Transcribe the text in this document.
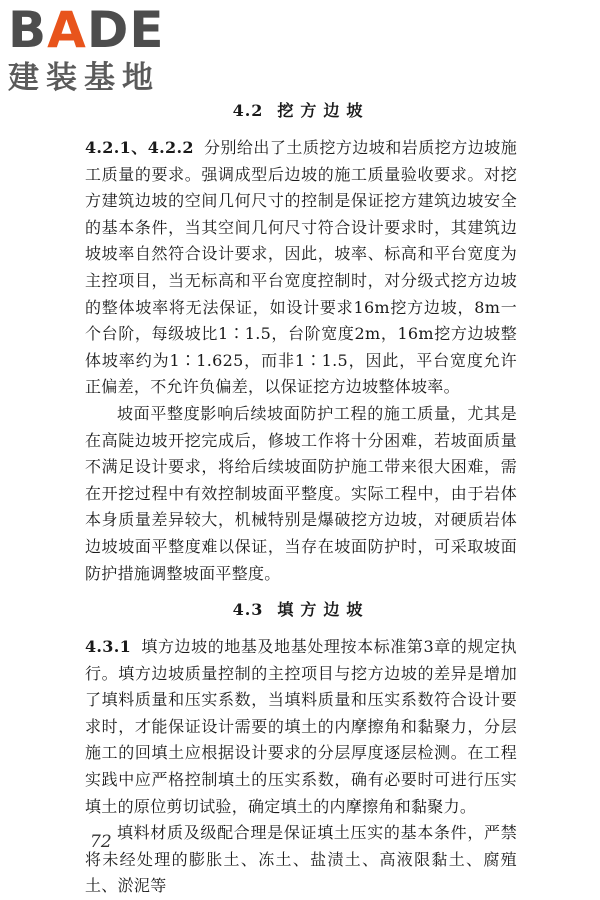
BADE
建装基地
4.2 挖方边坡

4.2.1、4.2.2 分别给出了土质挖方边坡和岩质挖方边坡施工质量的要求。强调成型后边坡的施工质量验收要求。对挖方建筑边坡的空间几何尺寸的控制是保证挖方建筑边坡安全的基本条件，当其空间几何尺寸符合设计要求时，其建筑边坡坡率自然符合设计要求，因此，坡率、标高和平台宽度为主控项目，当无标高和平台宽度控制时，对分级式挖方边坡的整体坡率将无法保证，如设计要求16m挖方边坡，8m一个台阶，每级坡比1∶1.5，台阶宽度2m，16m挖方边坡整体坡率约为1∶1.625，而非1∶1.5，因此，平台宽度允许正偏差，不允许负偏差，以保证挖方边坡整体坡率。

坡面平整度影响后续坡面防护工程的施工质量，尤其是在高陡边坡开挖完成后，修坡工作将十分困难，若坡面质量不满足设计要求，将给后续坡面防护施工带来很大困难，需在开挖过程中有效控制坡面平整度。实际工程中，由于岩体本身质量差异较大，机械特别是爆破挖方边坡，对硬质岩体边坡坡面平整度难以保证，当存在坡面防护时，可采取坡面防护措施调整坡面平整度。

4.3 填方边坡

4.3.1 填方边坡的地基及地基处理按本标准第3章的规定执行。填方边坡质量控制的主控项目与挖方边坡的差异是增加了填料质量和压实系数，当填料质量和压实系数符合设计要求时，才能保证设计需要的填土的内摩擦角和黏聚力，分层施工的回填土应根据设计要求的分层厚度逐层检测。在工程实践中应严格控制填土的压实系数，确有必要时可进行压实填土的原位剪切试验，确定填土的内摩擦角和黏聚力。

填料材质及级配合理是保证填土压实的基本条件，严禁将未经处理的膨胀土、冻土、盐渍土、高液限黏土、腐殖土、淤泥等

72
